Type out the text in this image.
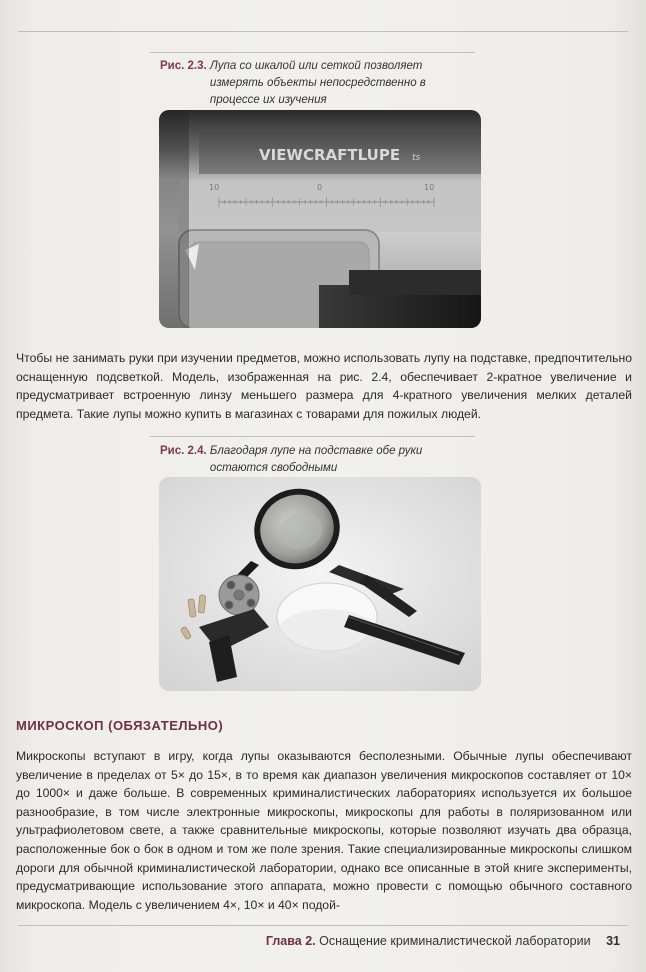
Рис. 2.3. Лупа со шкалой или сеткой позволяет измерять объекты непосредственно в процессе их изучения
VIEWCRAFTLUPE ts
10	0	10
Чтобы не занимать руки при изучении предметов, можно использовать лупу на подставке, предпочтительно оснащенную подсветкой. Модель, изображенная на рис. 2.4, обеспечивает 2-кратное увеличение и предусматривает встроенную линзу меньшего размера для 4-кратного увеличения мелких деталей предмета. Такие лупы можно купить в магазинах с товарами для пожилых людей.
Рис. 2.4. Благодаря лупе на подставке обе руки остаются свободными
МИКРОСКОП (ОБЯЗАТЕЛЬНО)
Микроскопы вступают в игру, когда лупы оказываются бесполезными. Обычные лупы обеспечивают увеличение в пределах от 5× до 15×, в то время как диапазон увеличения микроскопов составляет от 10× до 1000× и даже больше. В современных криминалистических лабораториях используется их большое разнообразие, в том числе электронные микроскопы, микроскопы для работы в поляризованном или ультрафиолетовом свете, а также сравнительные микроскопы, которые позволяют изучать два образца, расположенные бок о бок в одном и том же поле зрения. Такие специализированные микроскопы слишком дороги для обычной криминалистической лаборатории, однако все описанные в этой книге эксперименты, предусматривающие использование этого аппарата, можно провести с помощью обычного составного микроскопа. Модель с увеличением 4×, 10× и 40× подой-
Глава 2. Оснащение криминалистической лаборатории 31
